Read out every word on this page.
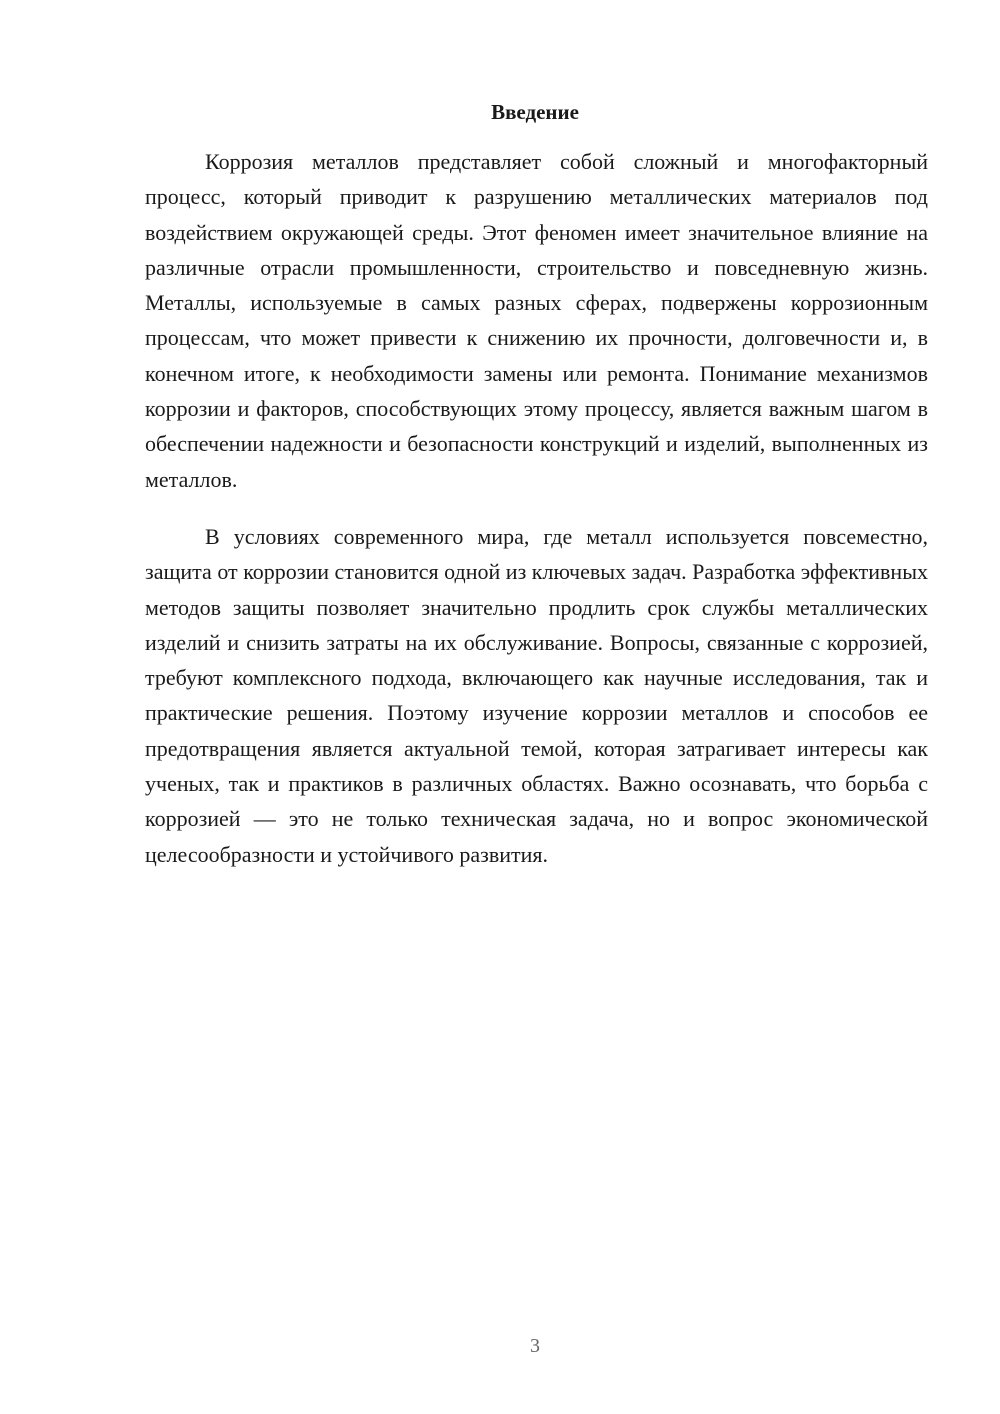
Введение

Коррозия металлов представляет собой сложный и многофакторный процесс, который приводит к разрушению металлических материалов под воздействием окружающей среды. Этот феномен имеет значительное влияние на различные отрасли промышленности, строительство и повседневную жизнь. Металлы, используемые в самых разных сферах, подвержены коррозионным процессам, что может привести к снижению их прочности, долговечности и, в конечном итоге, к необходимости замены или ремонта. Понимание механизмов коррозии и факторов, способствующих этому процессу, является важным шагом в обеспечении надежности и безопасности конструкций и изделий, выполненных из металлов.

В условиях современного мира, где металл используется повсеместно, защита от коррозии становится одной из ключевых задач. Разработка эффективных методов защиты позволяет значительно продлить срок службы металлических изделий и снизить затраты на их обслуживание. Вопросы, связанные с коррозией, требуют комплексного подхода, включающего как научные исследования, так и практические решения. Поэтому изучение коррозии металлов и способов ее предотвращения является актуальной темой, которая затрагивает интересы как ученых, так и практиков в различных областях. Важно осознавать, что борьба с коррозией — это не только техническая задача, но и вопрос экономической целесообразности и устойчивого развития.

3
